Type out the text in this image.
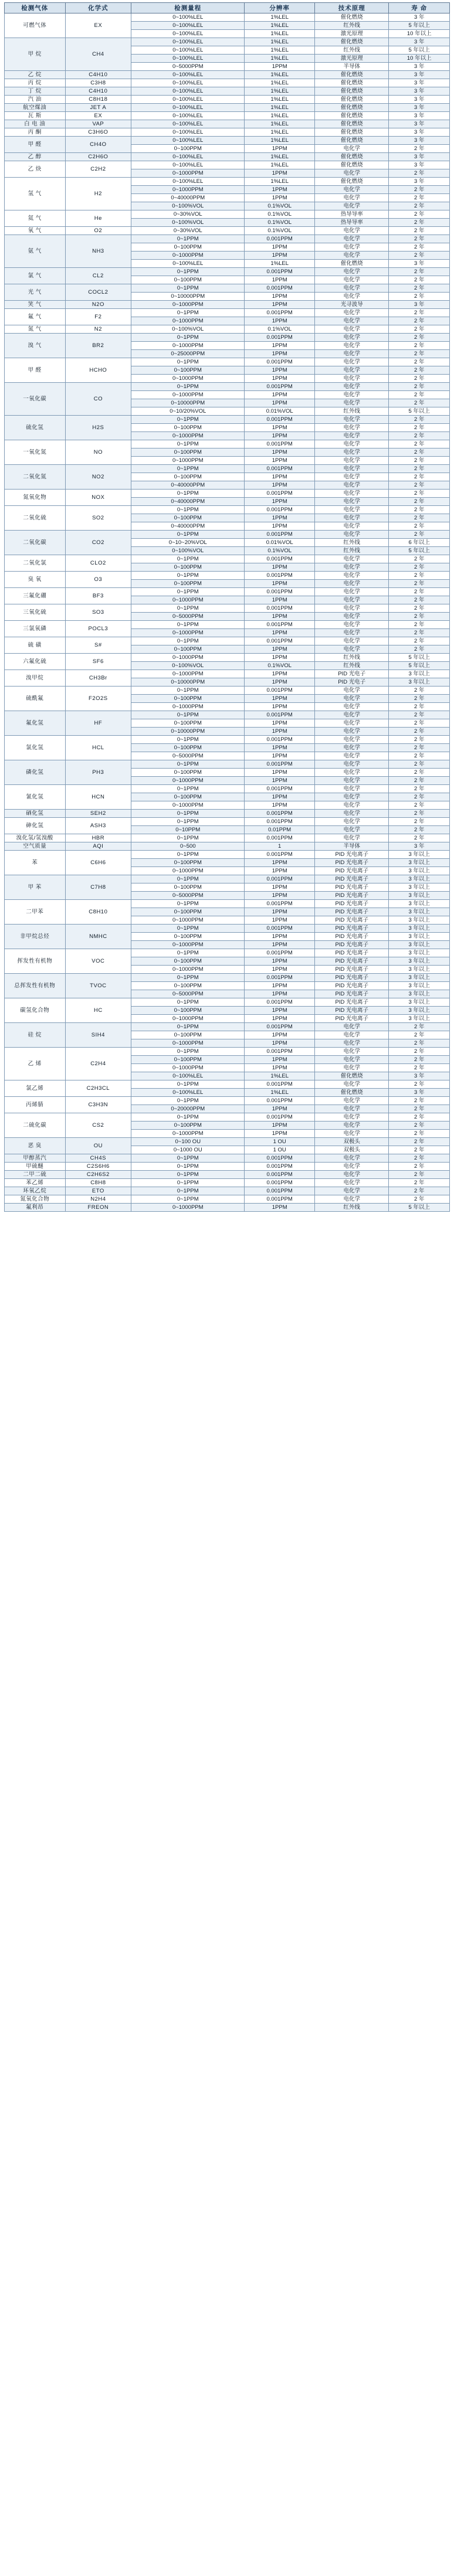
检测气体	化学式	检测量程	分辨率	技术原理	寿 命
可燃气体	EX	0~100%LEL	1%LEL	催化燃烧	3 年
		0~100%LEL	1%LEL	红外线	5 年以上
		0~100%LEL	1%LEL	激光原理	10 年以上
甲 烷	CH4	0~100%LEL	1%LEL	催化燃烧	3 年
		0~100%LEL	1%LEL	红外线	5 年以上
		0~100%LEL	1%LEL	激光原理	10 年以上
		0~5000PPM	1PPM	半导体	3 年
乙 烷	C4H10	0~100%LEL	1%LEL	催化燃烧	3 年
丙 烷	C3H8	0~100%LEL	1%LEL	催化燃烧	3 年
丁 烷	C4H10	0~100%LEL	1%LEL	催化燃烧	3 年
汽 油	C8H18	0~100%LEL	1%LEL	催化燃烧	3 年
航空煤油	JET A	0~100%LEL	1%LEL	催化燃烧	3 年
瓦 斯	EX	0~100%LEL	1%LEL	催化燃烧	3 年
白 电 油	VAP	0~100%LEL	1%LEL	催化燃烧	3 年
丙 酮	C3H6O	0~100%LEL	1%LEL	催化燃烧	3 年
甲 醛	CH4O	0~100%LEL	1%LEL	催化燃烧	3 年
		0~100PPM	1PPM	电化学	2 年
乙 醇	C2H6O	0~100%LEL	1%LEL	催化燃烧	3 年
乙 炔	C2H2	0~100%LEL	1%LEL	催化燃烧	3 年
		0~1000PPM	1PPM	电化学	2 年
氢 气	H2	0~100%LEL	1%LEL	催化燃烧	3 年
		0~1000PPM	1PPM	电化学	2 年
		0~40000PPM	1PPM	电化学	2 年
		0~100%VOL	0.1%VOL	电化学	2 年
氦 气	He	0~30%VOL	0.1%VOL	热导导率	2 年
		0~100%VOL	0.1%VOL	热导导率	2 年
氧 气	O2	0~30%VOL	0.1%VOL	电化学	2 年
氨 气	NH3	0~1PPM	0.001PPM	电化学	2 年
		0~100PPM	1PPM	电化学	2 年
		0~1000PPM	1PPM	电化学	2 年
		0~100%LEL	1%LEL	催化燃烧	3 年
氯 气	CL2	0~1PPM	0.001PPM	电化学	2 年
		0~100PPM	1PPM	电化学	2 年
光 气	COCL2	0~1PPM	0.001PPM	电化学	2 年
		0~10000PPM	1PPM	电化学	2 年
笑 气	N2O	0~1000PPM	1PPM	光寻波导	3 年
氟 气	F2	0~1PPM	0.001PPM	电化学	2 年
		0~1000PPM	1PPM	电化学	2 年
氮 气	N2	0~100%VOL	0.1%VOL	电化学	2 年
溴 气	BR2	0~1PPM	0.001PPM	电化学	2 年
		0~1000PPM	1PPM	电化学	2 年
		0~25000PPM	1PPM	电化学	2 年
甲 醛	HCHO	0~1PPM	0.001PPM	电化学	2 年
		0~100PPM	1PPM	电化学	2 年
		0~1000PPM	1PPM	电化学	2 年
一氧化碳	CO	0~1PPM	0.001PPM	电化学	2 年
		0~1000PPM	1PPM	电化学	2 年
		0~10000PPM	1PPM	电化学	2 年
		0~10/20%VOL	0.01%VOL	红外线	5 年以上
硫化氢	H2S	0~1PPM	0.001PPM	电化学	2 年
		0~100PPM	1PPM	电化学	2 年
		0~1000PPM	1PPM	电化学	2 年
一氧化氮	NO	0~1PPM	0.001PPM	电化学	2 年
		0~100PPM	1PPM	电化学	2 年
		0~1000PPM	1PPM	电化学	2 年
二氧化氮	NO2	0~1PPM	0.001PPM	电化学	2 年
		0~100PPM	1PPM	电化学	2 年
		0~40000PPM	1PPM	电化学	2 年
氮氧化物	NOX	0~1PPM	0.001PPM	电化学	2 年
		0~40000PPM	1PPM	电化学	2 年
二氧化硫	SO2	0~1PPM	0.001PPM	电化学	2 年
		0~100PPM	1PPM	电化学	2 年
		0~40000PPM	1PPM	电化学	2 年
二氧化碳	CO2	0~1PPM	0.001PPM	电化学	2 年
		0~10~20%VOL	0.01%VOL	红外线	6 年以上
		0~100%VOL	0.1%VOL	红外线	5 年以上
二氧化氯	CLO2	0~1PPM	0.001PPM	电化学	2 年
		0~100PPM	1PPM	电化学	2 年
臭 氧	O3	0~1PPM	0.001PPM	电化学	2 年
		0~100PPM	1PPM	电化学	2 年
三氟化硼	BF3	0~1PPM	0.001PPM	电化学	2 年
		0~1000PPM	1PPM	电化学	2 年
三氧化硫	SO3	0~1PPM	0.001PPM	电化学	2 年
		0~5000PPM	1PPM	电化学	2 年
三氯氧磷	POCL3	0~1PPM	0.001PPM	电化学	2 年
		0~1000PPM	1PPM	电化学	2 年
硫 磺	S#	0~1PPM	0.001PPM	电化学	2 年
		0~100PPM	1PPM	电化学	2 年
六氟化硫	SF6	0~1000PPM	1PPM	红外线	5 年以上
		0~100%VOL	0.1%VOL	红外线	5 年以上
溴甲烷	CH3Br	0~1000PPM	1PPM	PID 光电子	3 年以上
		0~10000PPM	1PPM	PID 光电子	3 年以上
硫酰氟	F2O2S	0~1PPM	0.001PPM	电化学	2 年
		0~100PPM	1PPM	电化学	2 年
		0~1000PPM	1PPM	电化学	2 年
氟化氢	HF	0~1PPM	0.001PPM	电化学	2 年
		0~100PPM	1PPM	电化学	2 年
		0~10000PPM	1PPM	电化学	2 年
氯化氢	HCL	0~1PPM	0.001PPM	电化学	2 年
		0~100PPM	1PPM	电化学	2 年
		0~5000PPM	1PPM	电化学	2 年
磷化氢	PH3	0~1PPM	0.001PPM	电化学	2 年
		0~100PPM	1PPM	电化学	2 年
		0~1000PPM	1PPM	电化学	2 年
氰化氢	HCN	0~1PPM	0.001PPM	电化学	2 年
		0~100PPM	1PPM	电化学	2 年
		0~1000PPM	1PPM	电化学	2 年
硒化氢	SEH2	0~1PPM	0.001PPM	电化学	2 年
砷化氢	ASH3	0~1PPM	0.001PPM	电化学	2 年
		0~10PPM	0.01PPM	电化学	2 年
溴化氢/氢溴酸	HBR	0~1PPM	0.001PPM	电化学	2 年
空气质量	AQI	0~500	1	半导体	3 年
苯	C6H6	0~1PPM	0.001PPM	PID 光电离子	3 年以上
		0~100PPM	1PPM	PID 光电离子	3 年以上
		0~1000PPM	1PPM	PID 光电离子	3 年以上
甲 苯	C7H8	0~1PPM	0.001PPM	PID 光电离子	3 年以上
		0~100PPM	1PPM	PID 光电离子	3 年以上
		0~5000PPM	1PPM	PID 光电离子	3 年以上
二甲苯	C8H10	0~1PPM	0.001PPM	PID 光电离子	3 年以上
		0~100PPM	1PPM	PID 光电离子	3 年以上
		0~1000PPM	1PPM	PID 光电离子	3 年以上
非甲烷总烃	NMHC	0~1PPM	0.001PPM	PID 光电离子	3 年以上
		0~100PPM	1PPM	PID 光电离子	3 年以上
		0~1000PPM	1PPM	PID 光电离子	3 年以上
挥发性有机物	VOC	0~1PPM	0.001PPM	PID 光电离子	3 年以上
		0~100PPM	1PPM	PID 光电离子	3 年以上
		0~1000PPM	1PPM	PID 光电离子	3 年以上
总挥发性有机物	TVOC	0~1PPM	0.001PPM	PID 光电离子	3 年以上
		0~100PPM	1PPM	PID 光电离子	3 年以上
		0~5000PPM	1PPM	PID 光电离子	3 年以上
碳氢化合物	HC	0~1PPM	0.001PPM	PID 光电离子	3 年以上
		0~100PPM	1PPM	PID 光电离子	3 年以上
		0~1000PPM	1PPM	PID 光电离子	3 年以上
硅 烷	SIH4	0~1PPM	0.001PPM	电化学	2 年
		0~100PPM	1PPM	电化学	2 年
		0~1000PPM	1PPM	电化学	2 年
乙 烯	C2H4	0~1PPM	0.001PPM	电化学	2 年
		0~100PPM	1PPM	电化学	2 年
		0~1000PPM	1PPM	电化学	2 年
		0~100%LEL	1%LEL	催化燃烧	3 年
氯乙烯	C2H3CL	0~1PPM	0.001PPM	电化学	2 年
		0~100%LEL	1%LEL	催化燃烧	3 年
丙烯腈	C3H3N	0~1PPM	0.001PPM	电化学	2 年
		0~20000PPM	1PPM	电化学	2 年
二硫化碳	CS2	0~1PPM	0.001PPM	电化学	2 年
		0~100PPM	1PPM	电化学	2 年
		0~1000PPM	1PPM	电化学	2 年
恶 臭	OU	0~100 OU	1 OU	双极头	2 年
		0~1000 OU	1 OU	双极头	2 年
甲醇蒸汽	CH4S	0~1PPM	0.001PPM	电化学	2 年
甲硫醚	C2S6H6	0~1PPM	0.001PPM	电化学	2 年
二甲二硫	C2H6S2	0~1PPM	0.001PPM	电化学	2 年
苯乙烯	C8H8	0~1PPM	0.001PPM	电化学	2 年
环氧乙烷	ETO	0~1PPM	0.001PPM	电化学	2 年
氮氧化合物	N2H4	0~1PPM	0.001PPM	电化学	2 年
氟利昂	FREON	0~1000PPM	1PPM	红外线	5 年以上
